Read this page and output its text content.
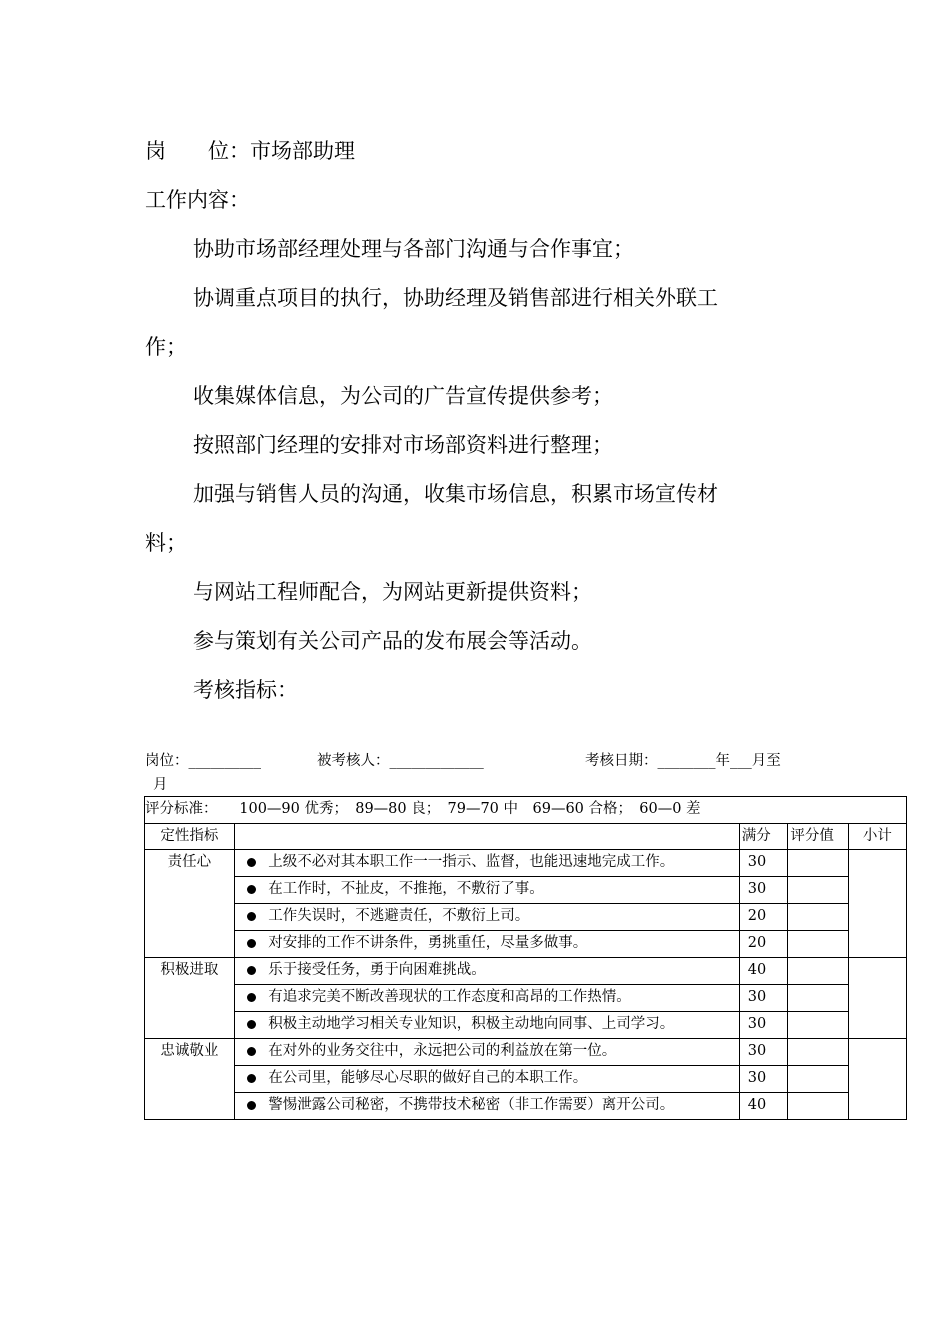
岗　　位：市场部助理
工作内容：
协助市场部经理处理与各部门沟通与合作事宜；
协调重点项目的执行，协助经理及销售部进行相关外联工
作；
收集媒体信息，为公司的广告宣传提供参考；
按照部门经理的安排对市场部资料进行整理；
加强与销售人员的沟通，收集市场信息，积累市场宣传材
料；
与网站工程师配合，为网站更新提供资料；
参与策划有关公司产品的发布展会等活动。
考核指标：
岗位：__________	被考核人：_____________	考核日期：________年___月至
月
评分标准：　　100—90 优秀；　89—80 良；　79—70 中　69—60 合格；　60—0 差					
定性指标			满分	评分值	小计
责任心		上级不必对其本职工作一一指示、监督，也能迅速地完成工作。	30		
		在工作时，不扯皮，不推拖，不敷衍了事。	30		
		工作失误时，不逃避责任，不敷衍上司。	20		
		对安排的工作不讲条件，勇挑重任，尽量多做事。	20		
积极进取		乐于接受任务，勇于向困难挑战。	40		
		有追求完美不断改善现状的工作态度和高昂的工作热情。	30		
		积极主动地学习相关专业知识，积极主动地向同事、上司学习。	30		
忠诚敬业		在对外的业务交往中，永远把公司的利益放在第一位。	30		
		在公司里，能够尽心尽职的做好自己的本职工作。	30		
		警惕泄露公司秘密，不携带技术秘密（非工作需要）离开公司。	40		
